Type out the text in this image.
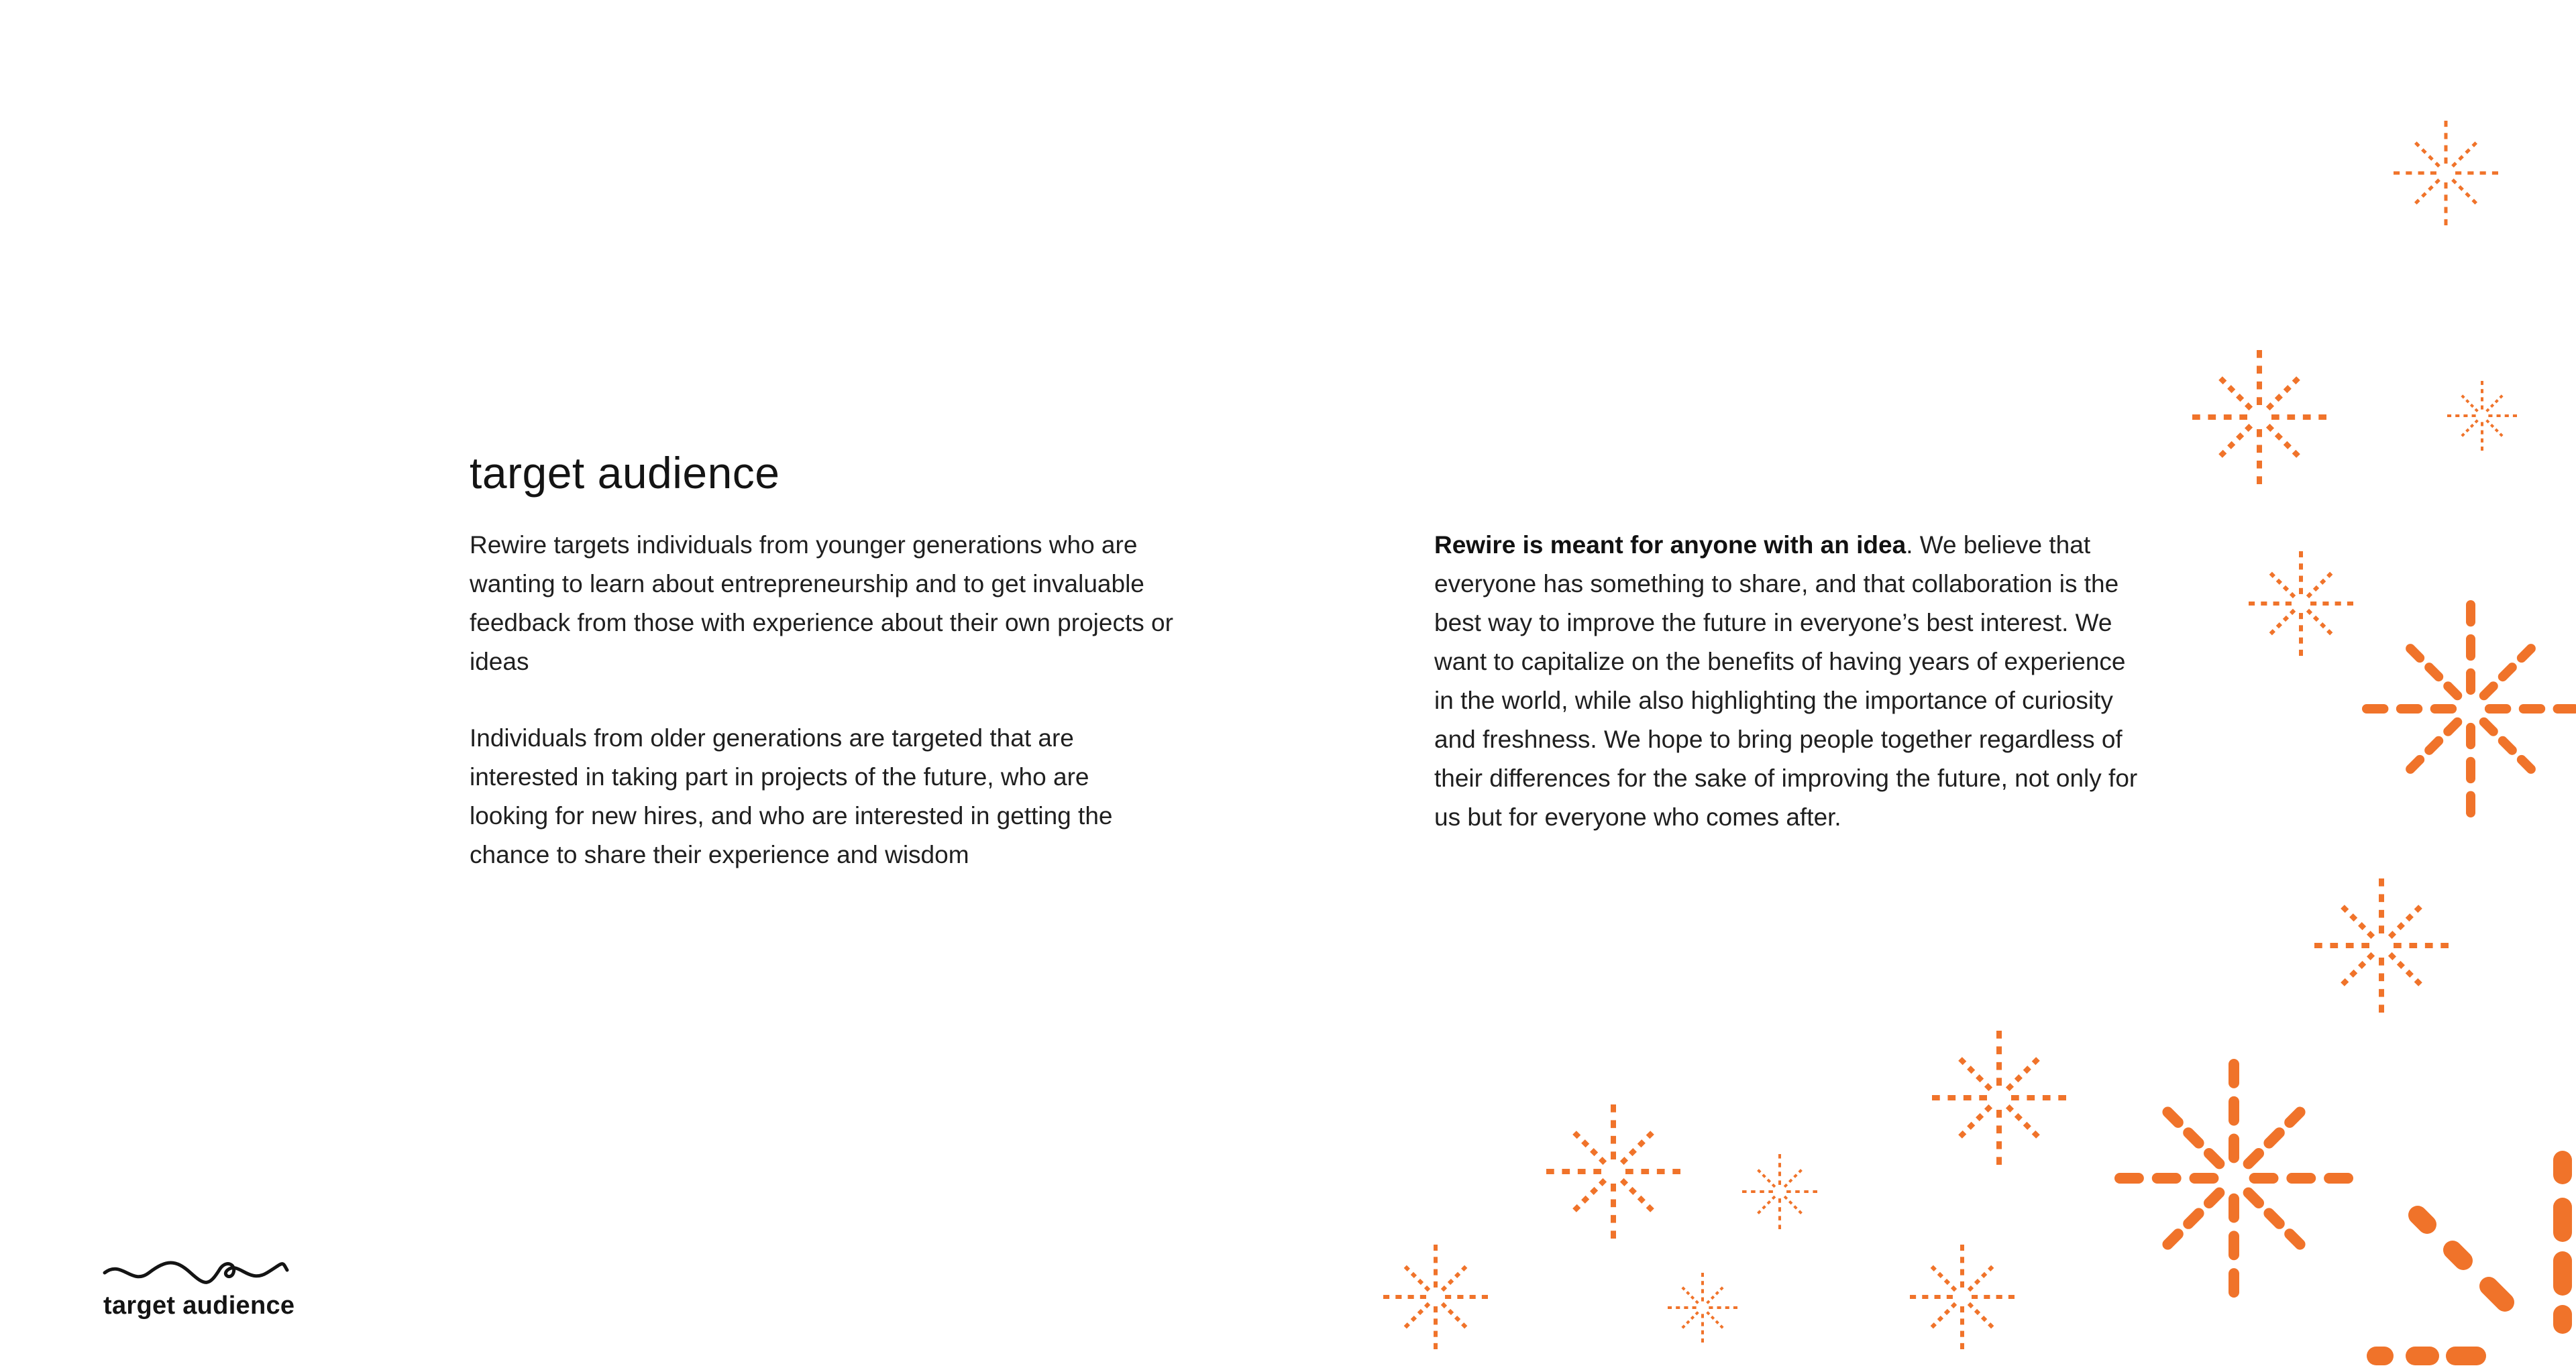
target audience

Rewire targets individuals from younger generations who are wanting to learn about entrepreneurship and to get invaluable feedback from those with experience about their own projects or ideas

Individuals from older generations are targeted that are interested in taking part in projects of the future, who are looking for new hires, and who are interested in getting the chance to share their experience and wisdom

Rewire is meant for anyone with an idea. We believe that everyone has something to share, and that collaboration is the best way to improve the future in everyone’s best interest. We want to capitalize on the benefits of having years of experience in the world, while also highlighting the importance of curiosity and freshness. We hope to bring people together regardless of their differences for the sake of improving the future, not only for us but for everyone who comes after.

target audience
